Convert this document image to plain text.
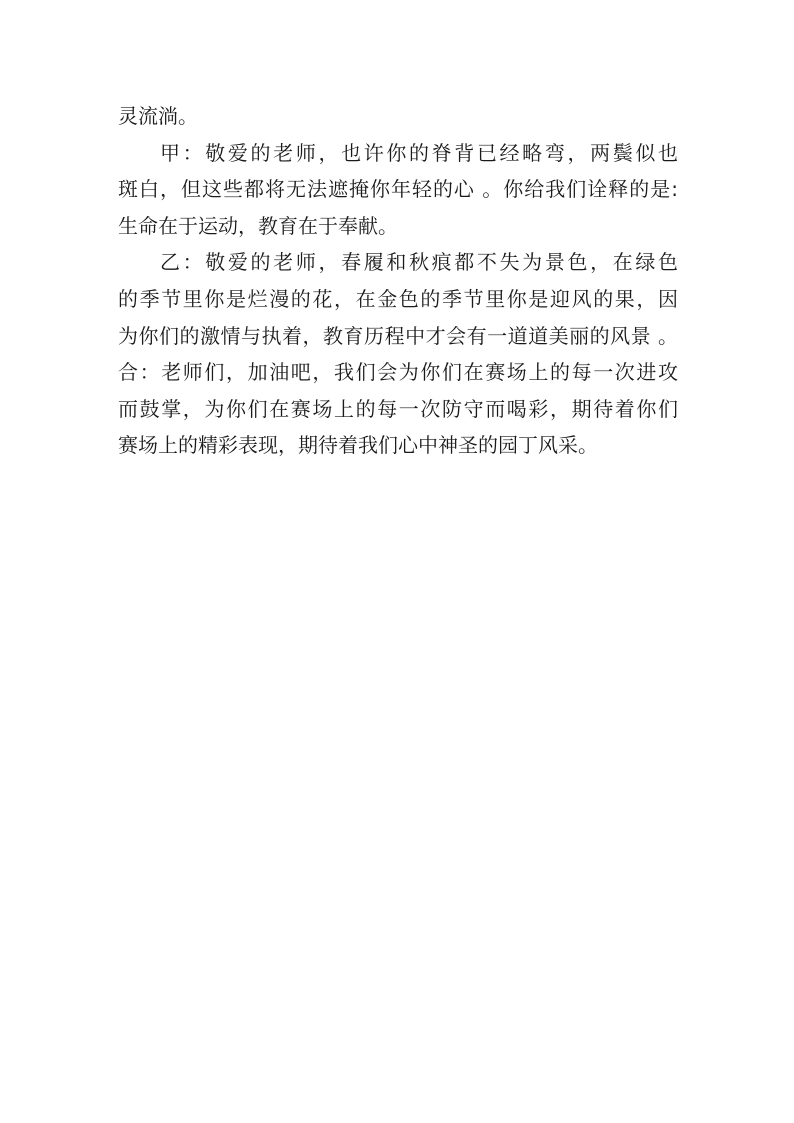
灵流淌。
甲：敬爱的老师，也许你的脊背已经略弯，两鬓似也
斑白，但这些都将无法遮掩你年轻的心 。你给我们诠释的是:
生命在于运动，教育在于奉献。
乙：敬爱的老师，春履和秋痕都不失为景色，在绿色
的季节里你是烂漫的花，在金色的季节里你是迎风的果，因
为你们的激情与执着，教育历程中才会有一道道美丽的风景 。
合：老师们，加油吧，我们会为你们在赛场上的每一次进攻
而鼓掌，为你们在赛场上的每一次防守而喝彩，期待着你们
赛场上的精彩表现，期待着我们心中神圣的园丁风采。
